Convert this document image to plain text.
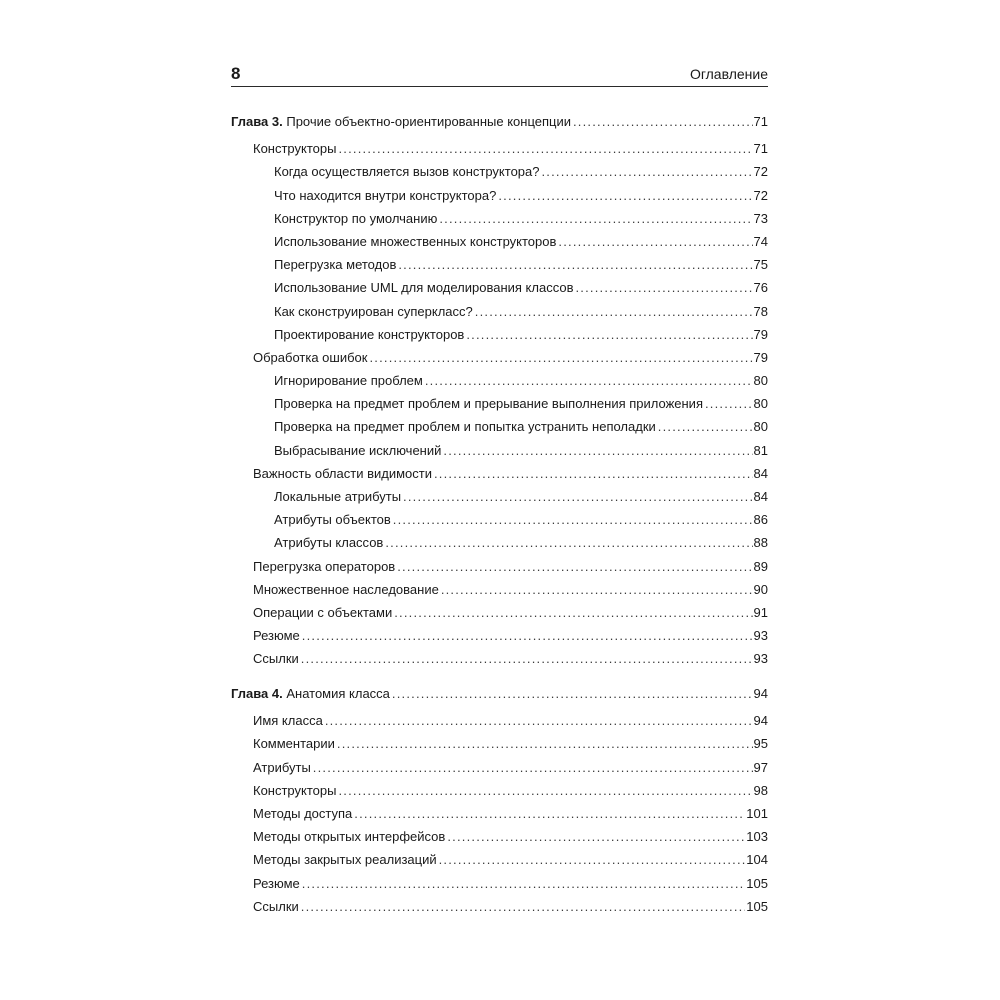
8	Оглавление
Глава 3. Прочие объектно-ориентированные концепции .....	71
Конструкторы .....	71
Когда осуществляется вызов конструктора? .....	72
Что находится внутри конструктора? .....	72
Конструктор по умолчанию .....	73
Использование множественных конструкторов .....	74
Перегрузка методов .....	75
Использование UML для моделирования классов .....	76
Как сконструирован суперкласс? .....	78
Проектирование конструкторов .....	79
Обработка ошибок .....	79
Игнорирование проблем .....	80
Проверка на предмет проблем и прерывание выполнения приложения .....	80
Проверка на предмет проблем и попытка устранить неполадки .....	80
Выбрасывание исключений .....	81
Важность области видимости .....	84
Локальные атрибуты .....	84
Атрибуты объектов .....	86
Атрибуты классов .....	88
Перегрузка операторов .....	89
Множественное наследование .....	90
Операции с объектами .....	91
Резюме .....	93
Ссылки .....	93
Глава 4. Анатомия класса .....	94
Имя класса .....	94
Комментарии .....	95
Атрибуты .....	97
Конструкторы .....	98
Методы доступа .....	101
Методы открытых интерфейсов .....	103
Методы закрытых реализаций .....	104
Резюме .....	105
Ссылки .....	105
